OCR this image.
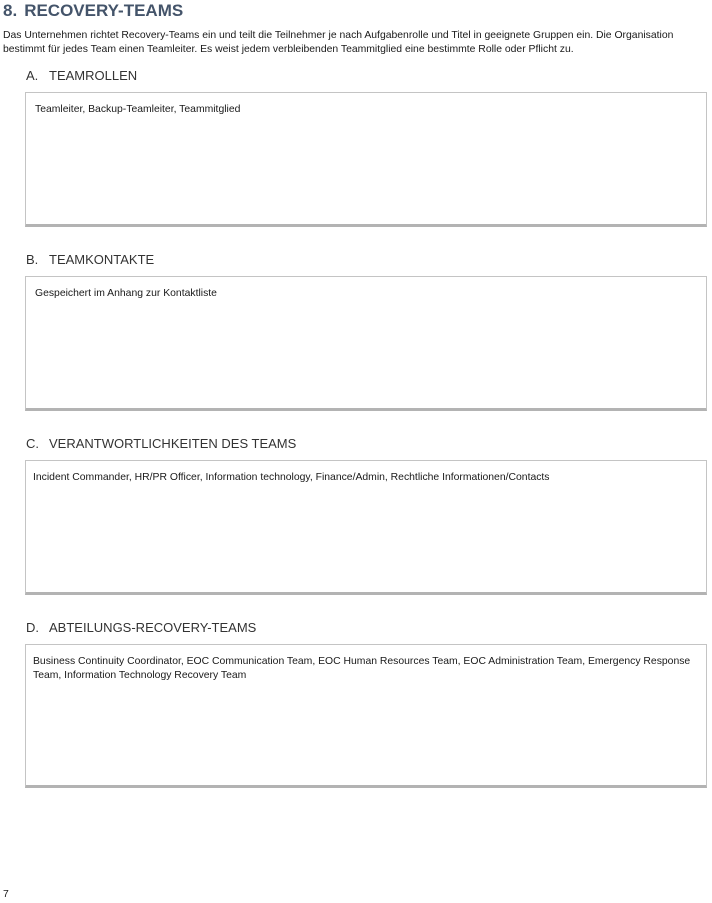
8. RECOVERY-TEAMS

Das Unternehmen richtet Recovery-Teams ein und teilt die Teilnehmer je nach Aufgabenrolle und Titel in geeignete Gruppen ein. Die Organisation bestimmt für jedes Team einen Teamleiter. Es weist jedem verbleibenden Teammitglied eine bestimmte Rolle oder Pflicht zu.

A. TEAMROLLEN

Teamleiter, Backup-Teamleiter, Teammitglied

B. TEAMKONTAKTE

Gespeichert im Anhang zur Kontaktliste

C. VERANTWORTLICHKEITEN DES TEAMS

Incident Commander, HR/PR Officer, Information technology, Finance/Admin, Rechtliche Informationen/Contacts

D. ABTEILUNGS-RECOVERY-TEAMS

Business Continuity Coordinator, EOC Communication Team, EOC Human Resources Team, EOC Administration Team, Emergency Response Team, Information Technology Recovery Team

7
